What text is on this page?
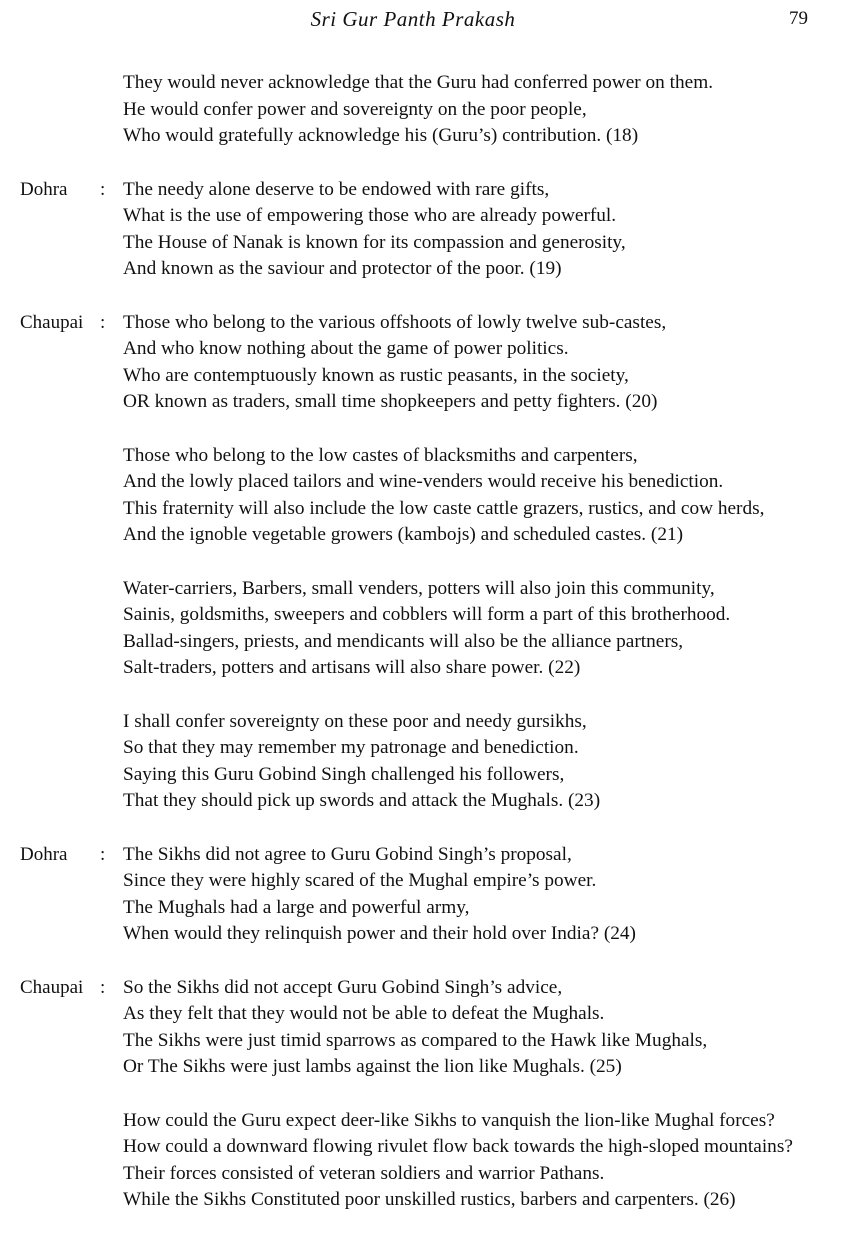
Sri Gur Panth Prakash	79
They would never acknowledge that the Guru had conferred power on them.
He would confer power and sovereignty on the poor people,
Who would gratefully acknowledge his (Guru’s) contribution. (18)
Dohra : The needy alone deserve to be endowed with rare gifts,
What is the use of empowering those who are already powerful.
The House of Nanak is known for its compassion and generosity,
And known as the saviour and protector of the poor. (19)
Chaupai : Those who belong to the various offshoots of lowly twelve sub-castes,
And who know nothing about the game of power politics.
Who are contemptuously known as rustic peasants, in the society,
OR known as traders, small time shopkeepers and petty fighters. (20)
Those who belong to the low castes of blacksmiths and carpenters,
And the lowly placed tailors and wine-venders would receive his benediction.
This fraternity will also include the low caste cattle grazers, rustics, and cow herds,
And the ignoble vegetable growers (kambojs) and scheduled castes. (21)
Water-carriers, Barbers, small venders, potters will also join this community,
Sainis, goldsmiths, sweepers and cobblers will form a part of this brotherhood.
Ballad-singers, priests, and mendicants will also be the alliance partners,
Salt-traders, potters and artisans will also share power. (22)
I shall confer sovereignty on these poor and needy gursikhs,
So that they may remember my patronage and benediction.
Saying this Guru Gobind Singh challenged his followers,
That they should pick up swords and attack the Mughals. (23)
Dohra : The Sikhs did not agree to Guru Gobind Singh’s proposal,
Since they were highly scared of the Mughal empire’s power.
The Mughals had a large and powerful army,
When would they relinquish power and their hold over India? (24)
Chaupai : So the Sikhs did not accept Guru Gobind Singh’s advice,
As they felt that they would not be able to defeat the Mughals.
The Sikhs were just timid sparrows as compared to the Hawk like Mughals,
Or The Sikhs were just lambs against the lion like Mughals. (25)
How could the Guru expect deer-like Sikhs to vanquish the lion-like Mughal forces?
How could a downward flowing rivulet flow back towards the high-sloped mountains?
Their forces consisted of veteran soldiers and warrior Pathans.
While the Sikhs Constituted poor unskilled rustics, barbers and carpenters. (26)
